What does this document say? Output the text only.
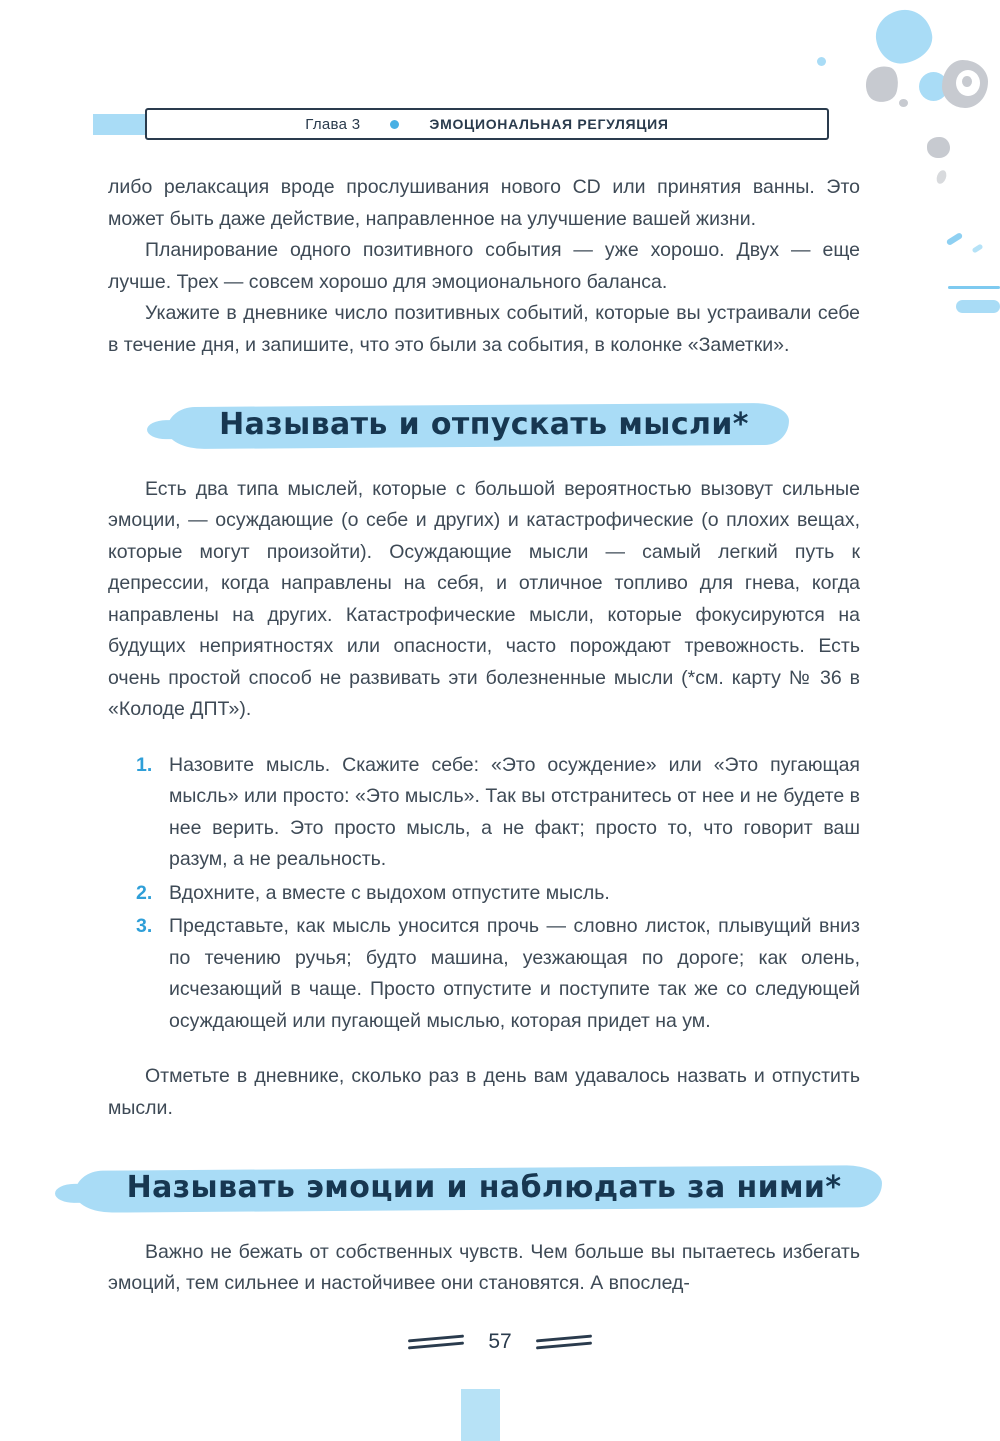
Глава 3	ЭМОЦИОНАЛЬНАЯ РЕГУЛЯЦИЯ

либо релаксация вроде прослушивания нового CD или принятия ванны. Это может быть даже действие, направленное на улучшение вашей жизни.

Планирование одного позитивного события — уже хорошо. Двух — еще лучше. Трех — совсем хорошо для эмоционального баланса.

Укажите в дневнике число позитивных событий, которые вы устраивали себе в течение дня, и запишите, что это были за события, в колонке «Заметки».

Называть и отпускать мысли*

Есть два типа мыслей, которые с большой вероятностью вызовут сильные эмоции, — осуждающие (о себе и других) и катастрофические (о плохих вещах, которые могут произойти). Осуждающие мысли — самый легкий путь к депрессии, когда направлены на себя, и отличное топливо для гнева, когда направлены на других. Катастрофические мысли, которые фокусируются на будущих неприятностях или опасности, часто порождают тревожность. Есть очень простой способ не развивать эти болезненные мысли (*см. карту № 36 в «Колоде ДПТ»).

1. Назовите мысль. Скажите себе: «Это осуждение» или «Это пугающая мысль» или просто: «Это мысль». Так вы отстранитесь от нее и не будете в нее верить. Это просто мысль, а не факт; просто то, что говорит ваш разум, а не реальность.
2. Вдохните, а вместе с выдохом отпустите мысль.
3. Представьте, как мысль уносится прочь — словно листок, плывущий вниз по течению ручья; будто машина, уезжающая по дороге; как олень, исчезающий в чаще. Просто отпустите и поступите так же со следующей осуждающей или пугающей мыслью, которая придет на ум.

Отметьте в дневнике, сколько раз в день вам удавалось назвать и отпустить мысли.

Называть эмоции и наблюдать за ними*

Важно не бежать от собственных чувств. Чем больше вы пытаетесь избегать эмоций, тем сильнее и настойчивее они становятся. А впослед-

57
